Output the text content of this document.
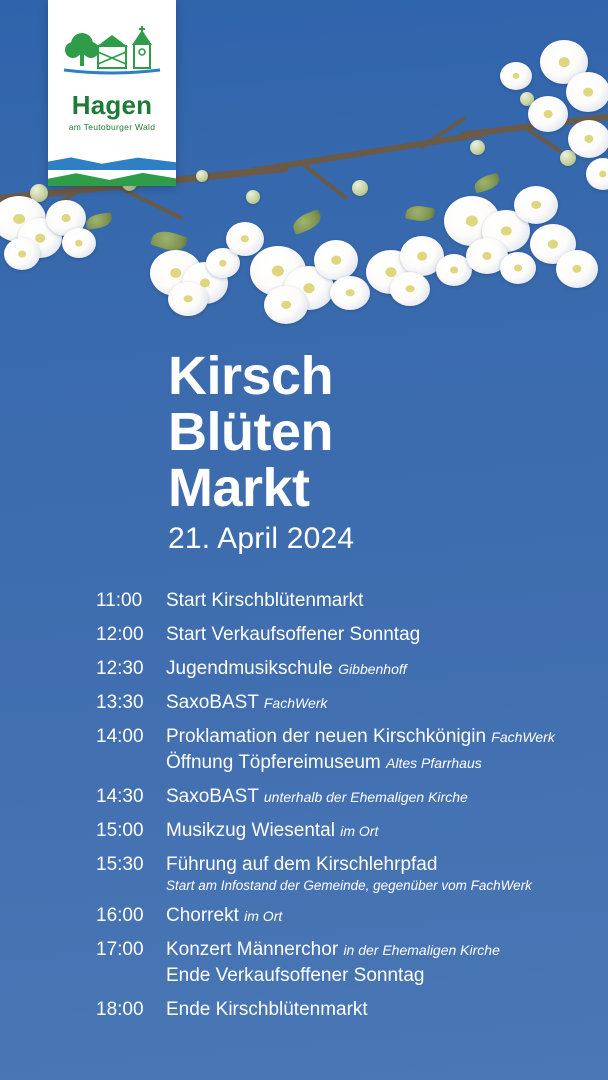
Hagen
am Teutoburger Wald
Kirsch
Blüten
Markt
21. April 2024
11:00	Start Kirschblütenmarkt
12:00	Start Verkaufsoffener Sonntag
12:30	Jugendmusikschule Gibbenhoff
13:30	SaxoBAST FachWerk
14:00	Proklamation der neuen Kirschkönigin FachWerk
Öffnung Töpfereimuseum Altes Pfarrhaus
14:30	SaxoBAST unterhalb der Ehemaligen Kirche
15:00	Musikzug Wiesental im Ort
15:30	Führung auf dem Kirschlehrpfad
Start am Infostand der Gemeinde, gegenüber vom FachWerk
16:00	Chorrekt im Ort
17:00	Konzert Männerchor in der Ehemaligen Kirche
Ende Verkaufsoffener Sonntag
18:00	Ende Kirschblütenmarkt
